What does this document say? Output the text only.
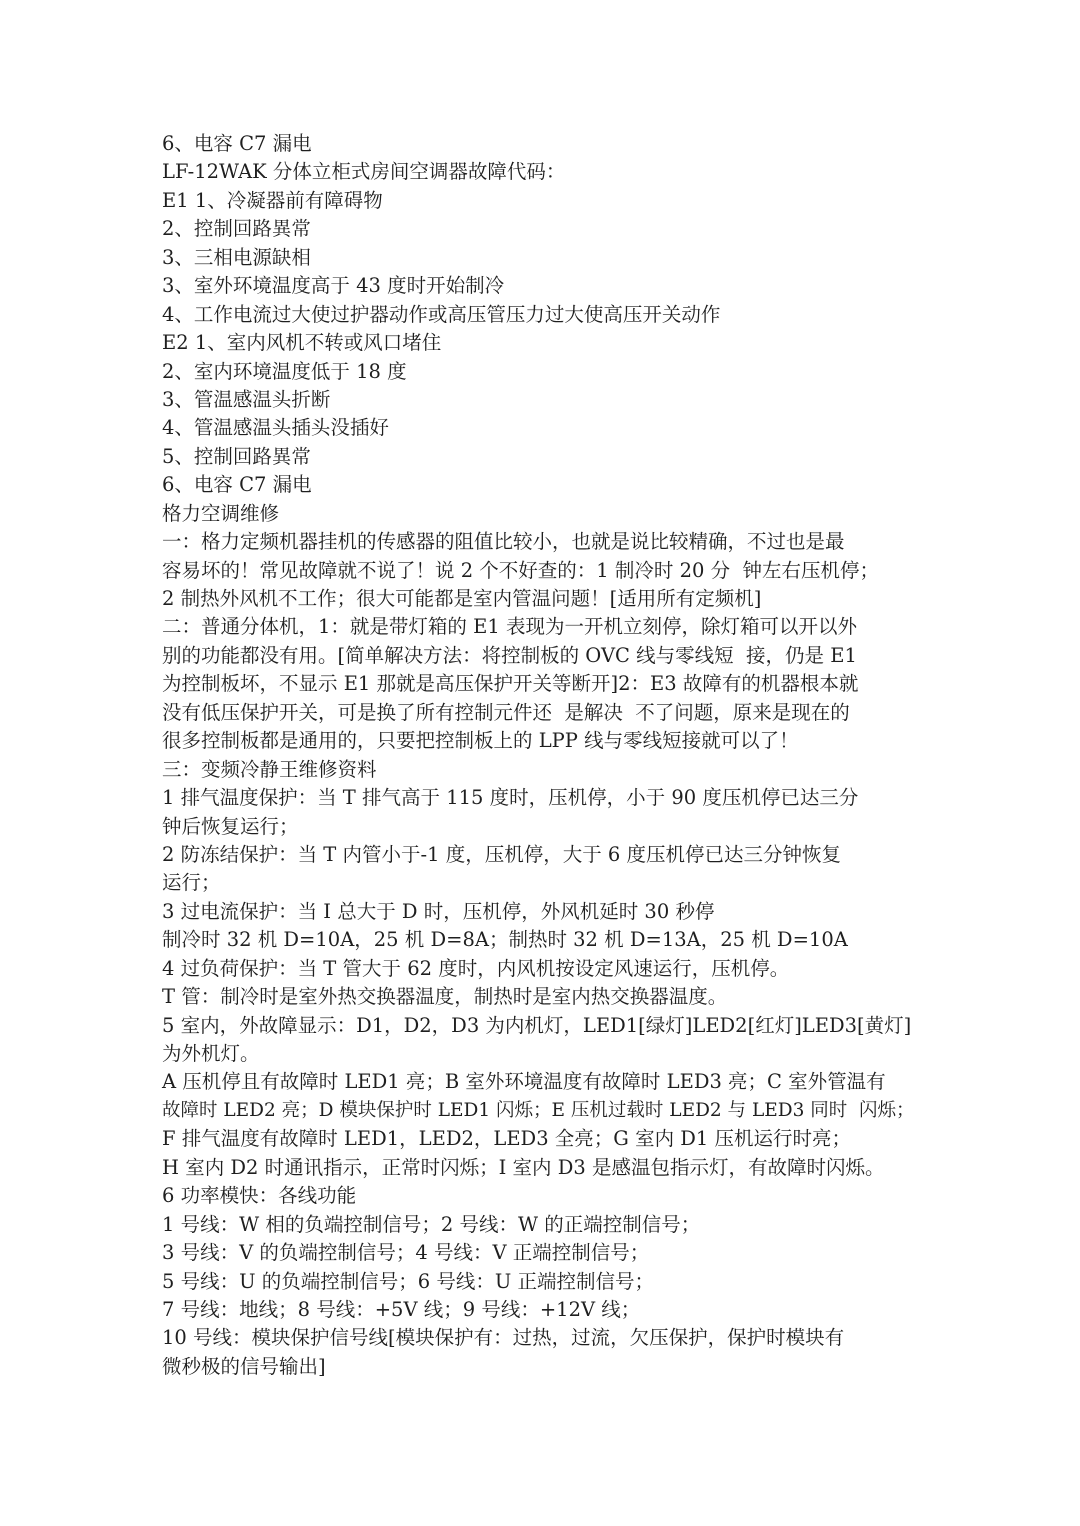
6、电容 C7 漏电
LF-12WAK 分体立柜式房间空调器故障代码：
E1 1、冷凝器前有障碍物
2、控制回路異常
3、三相电源缺相
3、室外环境温度高于 43 度时开始制冷
4、工作电流过大使过护器动作或高压管压力过大使高压开关动作
E2 1、室内风机不转或风口堵住
2、室内环境温度低于 18 度
3、管温感温头折断
4、管温感温头插头没插好
5、控制回路異常
6、电容 C7 漏电
格力空调维修
一：格力定频机器挂机的传感器的阻值比较小，也就是说比较精确，不过也是最
容易坏的！常见故障就不说了！说 2 个不好查的：1 制冷时 20 分  钟左右压机停；
2 制热外风机不工作；很大可能都是室内管温问题！[适用所有定频机]
二：普通分体机，1：就是带灯箱的 E1 表现为一开机立刻停，除灯箱可以开以外
别的功能都没有用。[简单解决方法：将控制板的 OVC 线与零线短  接，仍是 E1
为控制板坏，不显示 E1 那就是高压保护开关等断开]2：E3 故障有的机器根本就
没有低压保护开关，可是换了所有控制元件还  是解决  不了问题，原来是现在的
很多控制板都是通用的，只要把控制板上的 LPP 线与零线短接就可以了！
三：变频冷静王维修资料
1 排气温度保护：当 T 排气高于 115 度时，压机停，小于 90 度压机停已达三分
钟后恢复运行；
2 防冻结保护：当 T 内管小于-1 度，压机停，大于 6 度压机停已达三分钟恢复
运行；
3 过电流保护：当 I 总大于 D 时，压机停，外风机延时 30 秒停
制冷时 32 机 D=10A，25 机 D=8A；制热时 32 机 D=13A，25 机 D=10A
4 过负荷保护：当 T 管大于 62 度时，内风机按设定风速运行，压机停。
T 管：制冷时是室外热交换器温度，制热时是室内热交换器温度。
5 室内，外故障显示：D1，D2，D3 为内机灯，LED1[绿灯]LED2[红灯]LED3[黄灯]
为外机灯。
A 压机停且有故障时 LED1 亮；B 室外环境温度有故障时 LED3 亮；C 室外管温有
故障时 LED2 亮；D 模块保护时 LED1 闪烁；E 压机过载时 LED2 与 LED3 同时  闪烁；
F 排气温度有故障时 LED1，LED2，LED3 全亮；G 室内 D1 压机运行时亮；
H 室内 D2 时通讯指示，正常时闪烁；I 室内 D3 是感温包指示灯，有故障时闪烁。
6 功率模快：各线功能
1 号线：W 相的负端控制信号；2 号线：W 的正端控制信号；
3 号线：V 的负端控制信号；4 号线：V 正端控制信号；
5 号线：U 的负端控制信号；6 号线：U 正端控制信号；
7 号线：地线；8 号线：+5V 线；9 号线：+12V 线；
10 号线：模块保护信号线[模块保护有：过热，过流，欠压保护，保护时模块有
微秒极的信号输出]
